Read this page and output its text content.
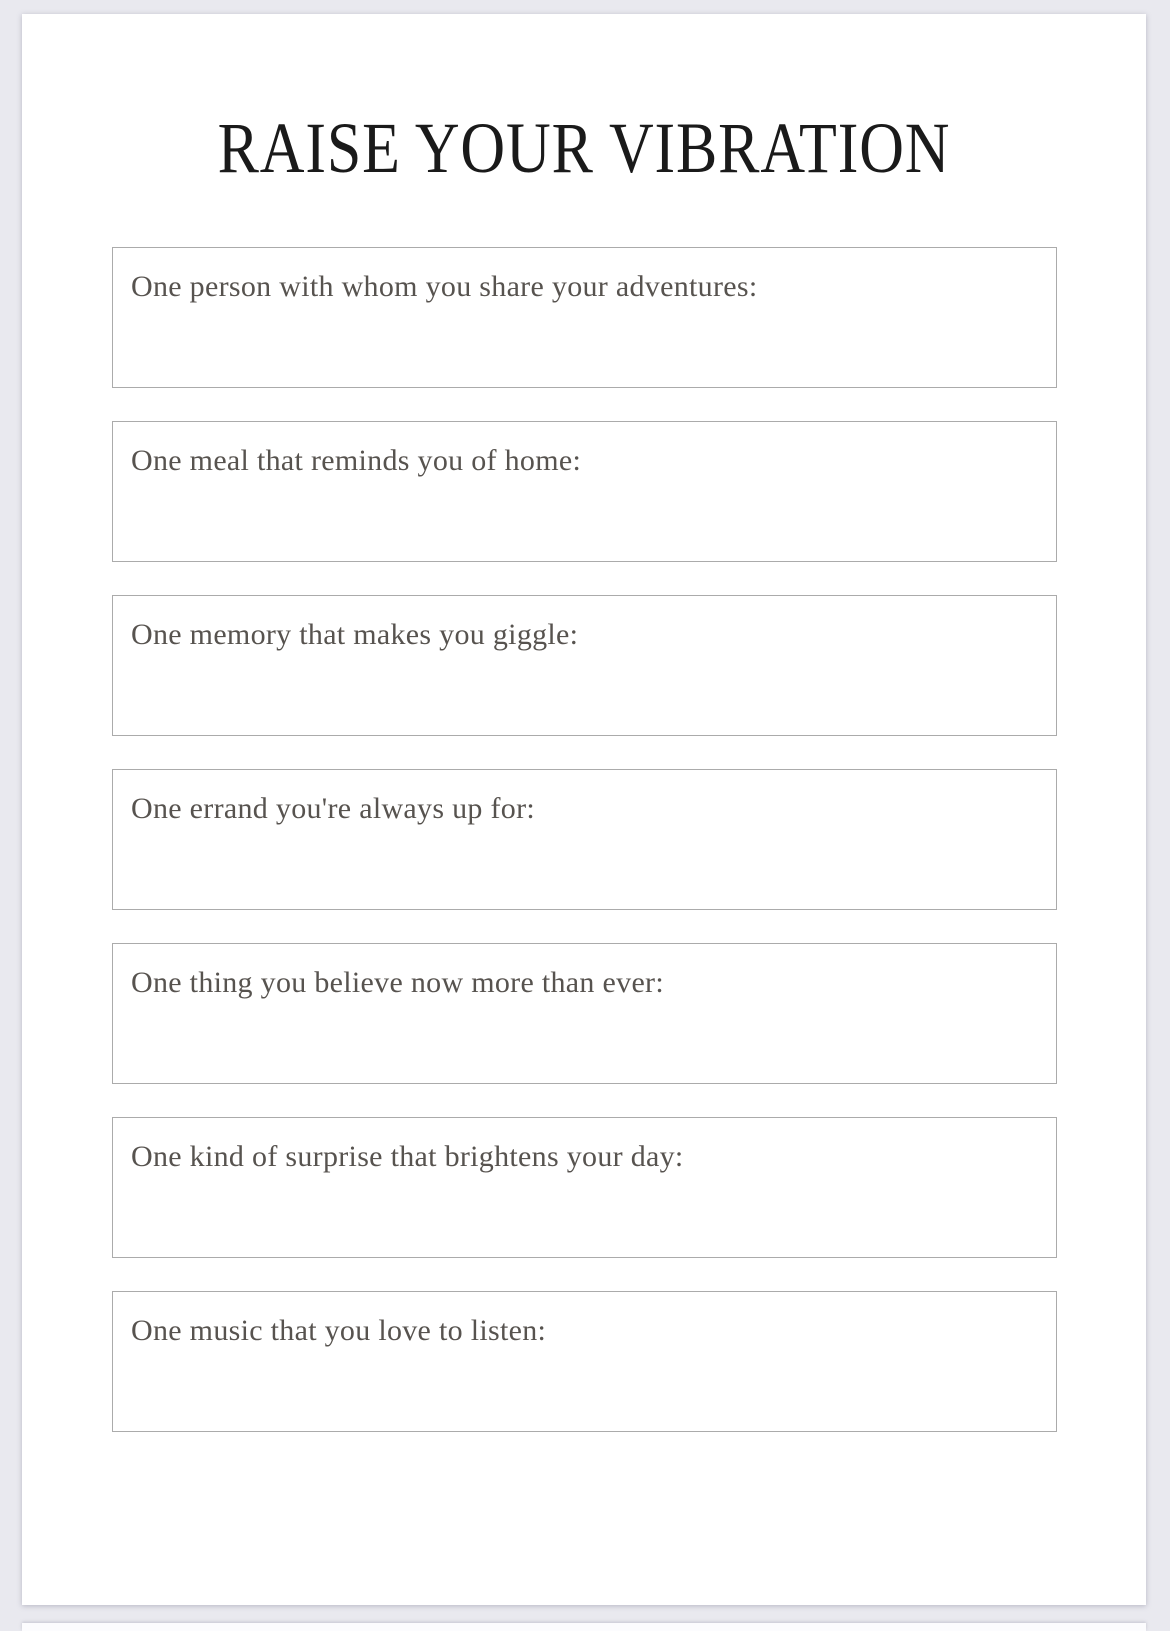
RAISE YOUR VIBRATION
One person with whom you share your adventures:
One meal that reminds you of home:
One memory that makes you giggle:
One errand you're always up for:
One thing you believe now more than ever:
One kind of surprise that brightens your day:
One music that you love to listen:
